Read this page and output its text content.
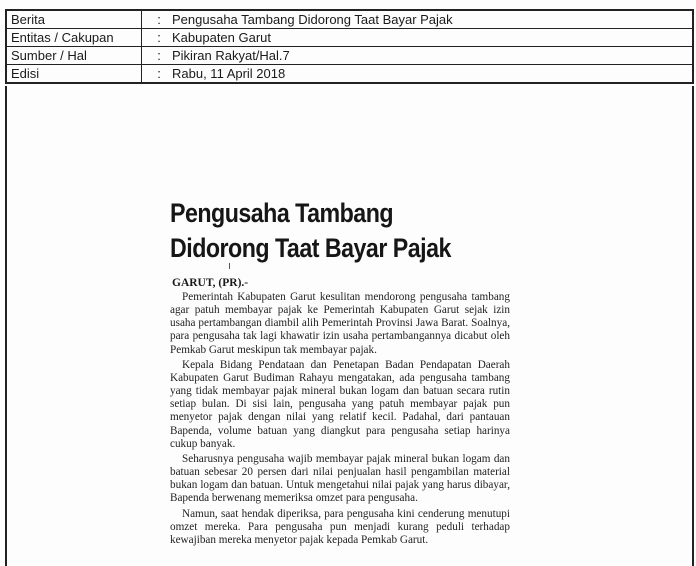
Berita	: Pengusaha Tambang Didorong Taat Bayar Pajak
Entitas / Cakupan	: Kabupaten Garut
Sumber / Hal	: Pikiran Rakyat/Hal.7
Edisi	: Rabu, 11 April 2018
Pengusaha Tambang
Didorong Taat Bayar Pajak
GARUT, (PR).-

Pemerintah Kabupaten Garut kesulitan mendorong pengusaha tambang agar patuh membayar pajak ke Pemerintah Kabupaten Garut sejak izin usaha pertambangan diambil alih Pemerintah Provinsi Jawa Barat. Soalnya, para pengusaha tak lagi khawatir izin usaha pertambangannya dicabut oleh Pemkab Garut meskipun tak membayar pajak.

Kepala Bidang Pendataan dan Penetapan Badan Pendapatan Daerah Kabupaten Garut Budiman Rahayu mengatakan, ada pengusaha tambang yang tidak membayar pajak mineral bukan logam dan batuan secara rutin setiap bulan. Di sisi lain, pengusaha yang patuh membayar pajak pun menyetor pajak dengan nilai yang relatif kecil. Padahal, dari pantauan Bapenda, volume batuan yang diangkut para pengusaha setiap harinya cukup banyak.

Seharusnya pengusaha wajib membayar pajak mineral bukan logam dan batuan sebesar 20 persen dari nilai penjualan hasil pengambilan material bukan logam dan batuan. Untuk mengetahui nilai pajak yang harus dibayar, Bapenda berwenang memeriksa omzet para pengusaha.

Namun, saat hendak diperiksa, para pengusaha kini cenderung menutupi omzet mereka. Para pengusaha pun menjadi kurang peduli terhadap kewajiban mereka menyetor pajak kepada Pemkab Garut.
